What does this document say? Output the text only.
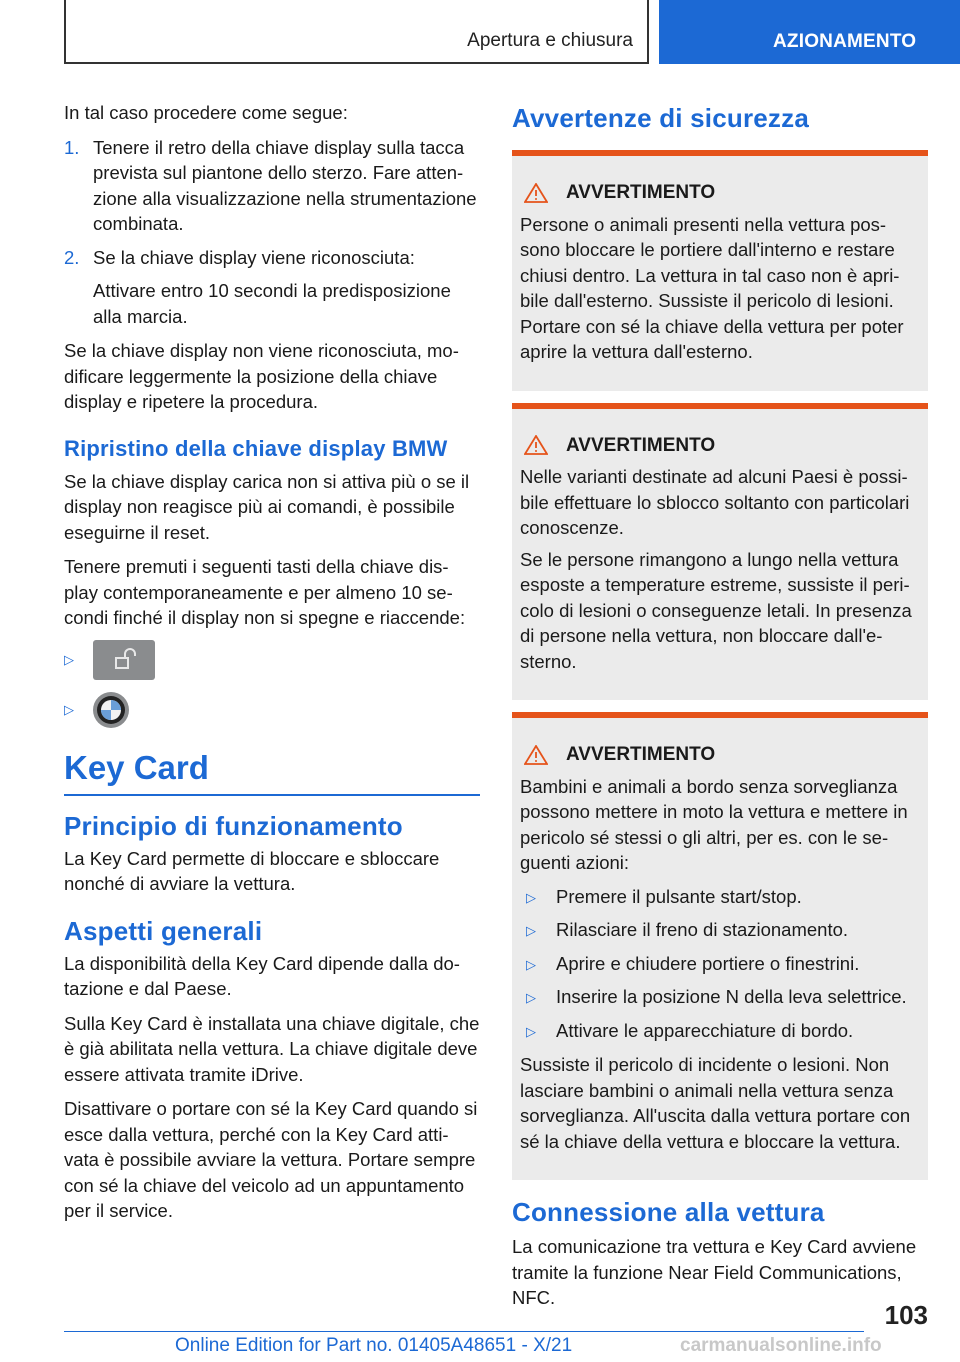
Apertura e chiusura	AZIONAMENTO

In tal caso procedere come segue:

1. Tenere il retro della chiave display sulla tacca prevista sul piantone dello sterzo. Fare atten-zione alla visualizzazione nella strumentazione combinata.
2. Se la chiave display viene riconosciuta:

Attivare entro 10 secondi la predisposizione alla marcia.

Se la chiave display non viene riconosciuta, mo-dificare leggermente la posizione della chiave display e ripetere la procedura.

Ripristino della chiave display BMW

Se la chiave display carica non si attiva più o se il display non reagisce più ai comandi, è possibile eseguirne il reset.

Tenere premuti i seguenti tasti della chiave dis-play contemporaneamente e per almeno 10 se-condi finché il display non si spegne e riaccende:

▷
▷
Key Card
Principio di funzionamento

La Key Card permette di bloccare e sbloccare nonché di avviare la vettura.

Aspetti generali

La disponibilità della Key Card dipende dalla do-tazione e dal Paese.

Sulla Key Card è installata una chiave digitale, che è già abilitata nella vettura. La chiave digitale deve essere attivata tramite iDrive.

Disattivare o portare con sé la Key Card quando si esce dalla vettura, perché con la Key Card atti-vata è possibile avviare la vettura. Portare sempre con sé la chiave del veicolo ad un appuntamento per il service.

Avvertenze di sicurezza
AVVERTIMENTO

Persone o animali presenti nella vettura pos-sono bloccare le portiere dall'interno e restare chiusi dentro. La vettura in tal caso non è apri-bile dall'esterno. Sussiste il pericolo di lesioni. Portare con sé la chiave della vettura per poter aprire la vettura dall'esterno.

AVVERTIMENTO

Nelle varianti destinate ad alcuni Paesi è possi-bile effettuare lo sblocco soltanto con particolari conoscenze.

Se le persone rimangono a lungo nella vettura esposte a temperature estreme, sussiste il peri-colo di lesioni o conseguenze letali. In presenza di persone nella vettura, non bloccare dall'e-sterno.

AVVERTIMENTO

Bambini e animali a bordo senza sorveglianza possono mettere in moto la vettura e mettere in pericolo sé stessi o gli altri, per es. con le se-guenti azioni:

▷	Premere il pulsante start/stop.
▷	Rilasciare il freno di stazionamento.
▷	Aprire e chiudere portiere o finestrini.
▷	Inserire la posizione N della leva selettrice.
▷	Attivare le apparecchiature di bordo.

Sussiste il pericolo di incidente o lesioni. Non lasciare bambini o animali nella vettura senza sorveglianza. All'uscita dalla vettura portare con sé la chiave della vettura e bloccare la vettura.

Connessione alla vettura

La comunicazione tra vettura e Key Card avviene tramite la funzione Near Field Communications, NFC.

103
Online Edition for Part no. 01405A48651 - X/21	carmanualsonline.info
